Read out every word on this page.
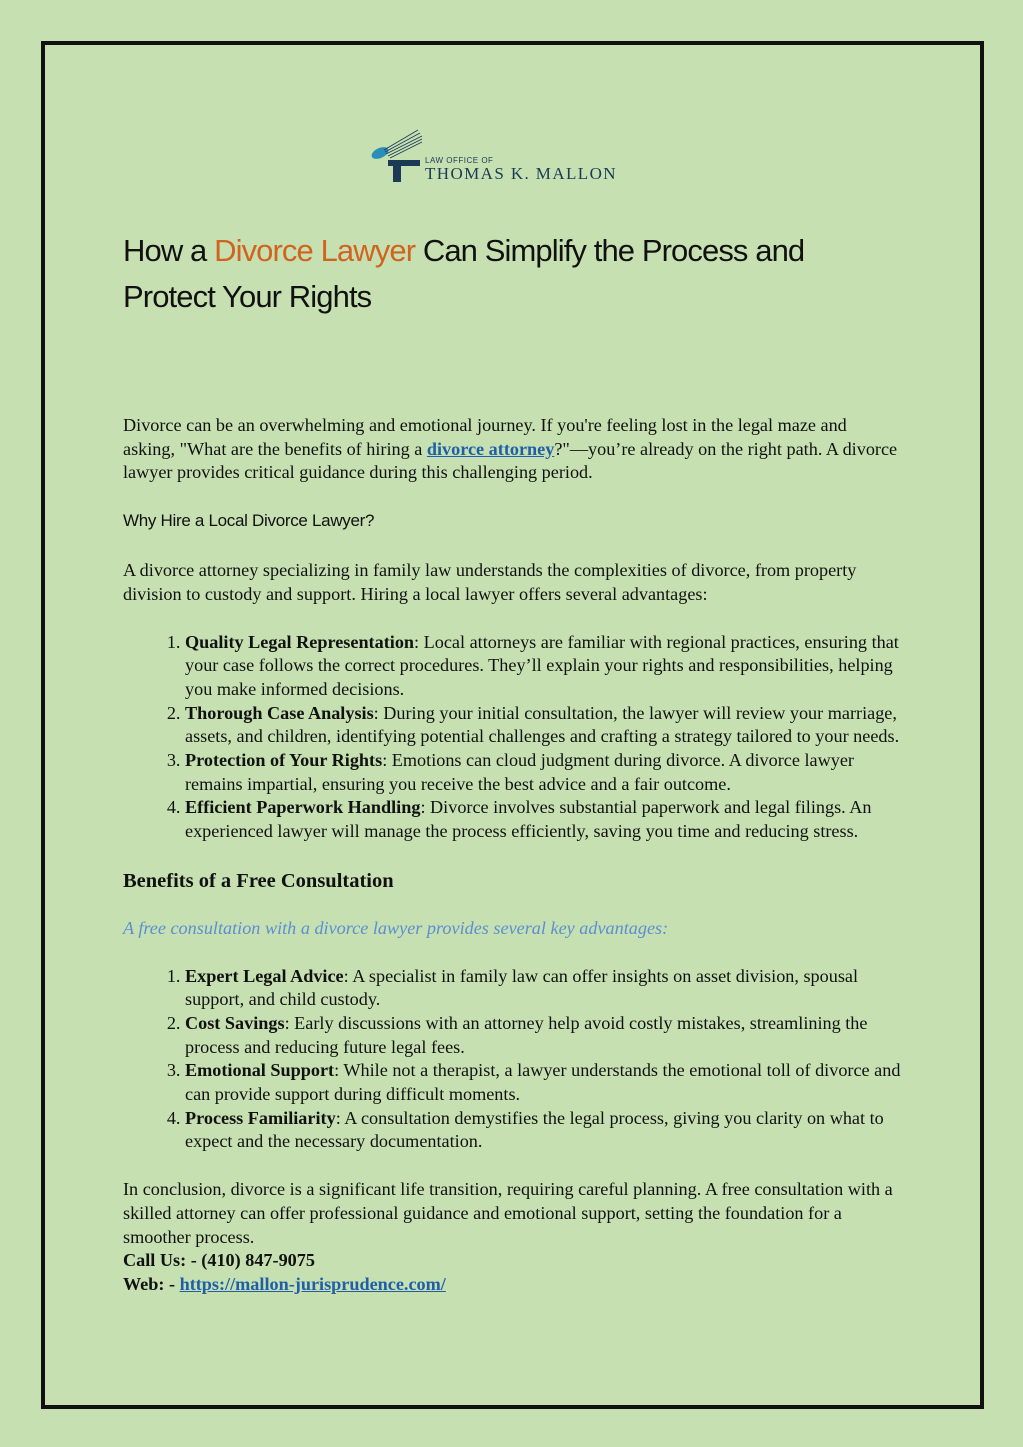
LAW OFFICE OF
THOMAS K. MALLON
How a Divorce Lawyer Can Simplify the Process and Protect Your Rights

Divorce can be an overwhelming and emotional journey. If you're feeling lost in the legal maze and asking, "What are the benefits of hiring a divorce attorney?"—you’re already on the right path. A divorce lawyer provides critical guidance during this challenging period.

Why Hire a Local Divorce Lawyer?

A divorce attorney specializing in family law understands the complexities of divorce, from property division to custody and support. Hiring a local lawyer offers several advantages:

1. Quality Legal Representation: Local attorneys are familiar with regional practices, ensuring that your case follows the correct procedures. They’ll explain your rights and responsibilities, helping you make informed decisions.
2. Thorough Case Analysis: During your initial consultation, the lawyer will review your marriage, assets, and children, identifying potential challenges and crafting a strategy tailored to your needs.
3. Protection of Your Rights: Emotions can cloud judgment during divorce. A divorce lawyer remains impartial, ensuring you receive the best advice and a fair outcome.
4. Efficient Paperwork Handling: Divorce involves substantial paperwork and legal filings. An experienced lawyer will manage the process efficiently, saving you time and reducing stress.
Benefits of a Free Consultation

A free consultation with a divorce lawyer provides several key advantages:

1. Expert Legal Advice: A specialist in family law can offer insights on asset division, spousal support, and child custody.
2. Cost Savings: Early discussions with an attorney help avoid costly mistakes, streamlining the process and reducing future legal fees.
3. Emotional Support: While not a therapist, a lawyer understands the emotional toll of divorce and can provide support during difficult moments.
4. Process Familiarity: A consultation demystifies the legal process, giving you clarity on what to expect and the necessary documentation.

In conclusion, divorce is a significant life transition, requiring careful planning. A free consultation with a skilled attorney can offer professional guidance and emotional support, setting the foundation for a smoother process.

Call Us: - (410) 847-9075

Web: - https://mallon-jurisprudence.com/
